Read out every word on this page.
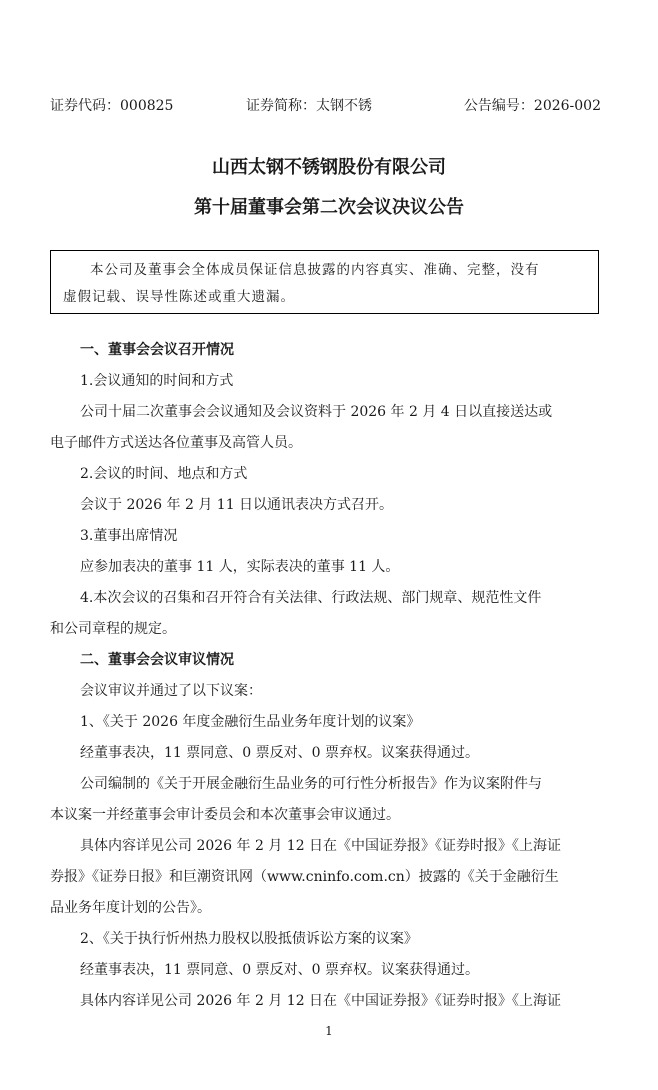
证券代码：000825	证券简称：太钢不锈	公告编号：2026-002
山西太钢不锈钢股份有限公司
第十届董事会第二次会议决议公告

本公司及董事会全体成员保证信息披露的内容真实、准确、完整，没有

虚假记载、误导性陈述或重大遗漏。
一、董事会会议召开情况
1.会议通知的时间和方式
公司十届二次董事会会议通知及会议资料于 2026 年 2 月 4 日以直接送达或
电子邮件方式送达各位董事及高管人员。
2.会议的时间、地点和方式
会议于 2026 年 2 月 11 日以通讯表决方式召开。
3.董事出席情况
应参加表决的董事 11 人，实际表决的董事 11 人。
4.本次会议的召集和召开符合有关法律、行政法规、部门规章、规范性文件
和公司章程的规定。
二、董事会会议审议情况
会议审议并通过了以下议案：
1、《关于 2026 年度金融衍生品业务年度计划的议案》
经董事表决，11 票同意、0 票反对、0 票弃权。议案获得通过。
公司编制的《关于开展金融衍生品业务的可行性分析报告》作为议案附件与
本议案一并经董事会审计委员会和本次董事会审议通过。
具体内容详见公司 2026 年 2 月 12 日在《中国证券报》《证券时报》《上海证
券报》《证券日报》和巨潮资讯网（www.cninfo.com.cn）披露的《关于金融衍生
品业务年度计划的公告》。
2、《关于执行忻州热力股权以股抵债诉讼方案的议案》
经董事表决，11 票同意、0 票反对、0 票弃权。议案获得通过。
具体内容详见公司 2026 年 2 月 12 日在《中国证券报》《证券时报》《上海证
1
